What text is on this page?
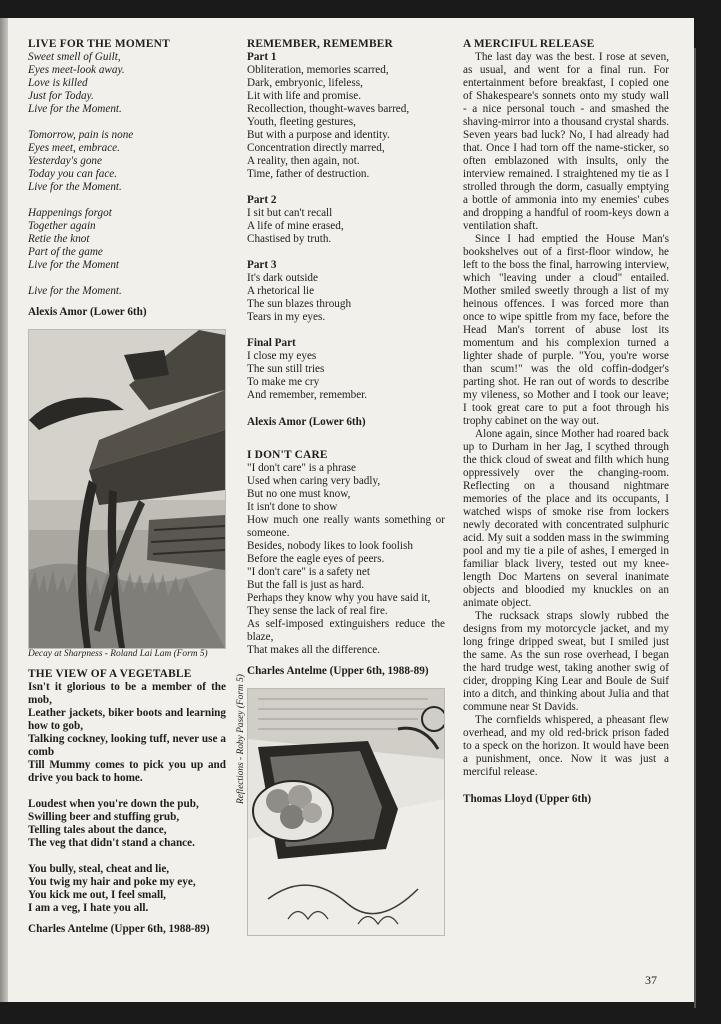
LIVE FOR THE MOMENT

Sweet smell of Guilt,

Eyes meet-look away.

Love is killed

Just for Today.

Live for the Moment.

Tomorrow, pain is none

Eyes meet, embrace.

Yesterday's gone

Today you can face.

Live for the Moment.

Happenings forgot

Together again

Retie the knot

Part of the game

Live for the Moment

Live for the Moment.

Alexis Amor (Lower 6th)

Decay at Sharpness - Roland Lai Lam (Form 5)

THE VIEW OF A VEGETABLE

Isn't it glorious to be a member of the mob,

Leather jackets, biker boots and learning how to gob,

Talking cockney, looking tuff, never use a comb

Till Mummy comes to pick you up and drive you back to home.

Loudest when you're down the pub,

Swilling beer and stuffing grub,

Telling tales about the dance,

The veg that didn't stand a chance.

You bully, steal, cheat and lie,

You twig my hair and poke my eye,

You kick me out, I feel small,

I am a veg, I hate you all.

Charles Antelme (Upper 6th, 1988-89)

REMEMBER, REMEMBER

Part 1

Obliteration, memories scarred,

Dark, embryonic, lifeless,

Lit with life and promise.

Recollection, thought-waves barred,

Youth, fleeting gestures,

But with a purpose and identity.

Concentration directly marred,

A reality, then again, not.

Time, father of destruction.

Part 2

I sit but can't recall

A life of mine erased,

Chastised by truth.

Part 3

It's dark outside

A rhetorical lie

The sun blazes through

Tears in my eyes.

Final Part

I close my eyes

The sun still tries

To make me cry

And remember, remember.

Alexis Amor (Lower 6th)

I DON'T CARE

"I don't care" is a phrase

Used when caring very badly,

But no one must know,

It isn't done to show

How much one really wants something or someone.

Besides, nobody likes to look foolish

Before the eagle eyes of peers.

"I don't care" is a safety net

But the fall is just as hard.

Perhaps they know why you have said it,

They sense the lack of real fire.

As self-imposed extinguishers reduce the blaze,

That makes all the difference.

Charles Antelme (Upper 6th, 1988-89)

Reflections - Roby Pasey (Form 5)
A MERCIFUL RELEASE

The last day was the best. I rose at seven, as usual, and went for a final run. For entertainment before breakfast, I copied one of Shakespeare's sonnets onto my study wall - a nice personal touch - and smashed the shaving-mirror into a thousand crystal shards. Seven years bad luck? No, I had already had that. Once I had torn off the name-sticker, so often emblazoned with insults, only the interview remained. I straightened my tie as I strolled through the dorm, casually emptying a bottle of ammonia into my enemies' cubes and dropping a handful of room-keys down a ventilation shaft.

Since I had emptied the House Man's bookshelves out of a first-floor window, he left to the boss the final, harrowing interview, which "leaving under a cloud" entailed. Mother smiled sweetly through a list of my heinous offences. I was forced more than once to wipe spittle from my face, before the Head Man's torrent of abuse lost its momentum and his complexion turned a lighter shade of purple. "You, you're worse than scum!" was the old coffin-dodger's parting shot. He ran out of words to describe my vileness, so Mother and I took our leave; I took great care to put a foot through his trophy cabinet on the way out.

Alone again, since Mother had roared back up to Durham in her Jag, I scythed through the thick cloud of sweat and filth which hung oppressively over the changing-room. Reflecting on a thousand nightmare memories of the place and its occupants, I watched wisps of smoke rise from lockers newly decorated with concentrated sulphuric acid. My suit a sodden mass in the swimming pool and my tie a pile of ashes, I emerged in familiar black livery, tested out my knee-length Doc Martens on several inanimate objects and bloodied my knuckles on an animate object.

The rucksack straps slowly rubbed the designs from my motorcycle jacket, and my long fringe dripped sweat, but I smiled just the same. As the sun rose overhead, I began the hard trudge west, taking another swig of cider, dropping King Lear and Boule de Suif into a ditch, and thinking about Julia and that commune near St Davids.

The cornfields whispered, a pheasant flew overhead, and my old red-brick prison faded to a speck on the horizon. It would have been a punishment, once. Now it was just a merciful release.

Thomas Lloyd (Upper 6th)

37
